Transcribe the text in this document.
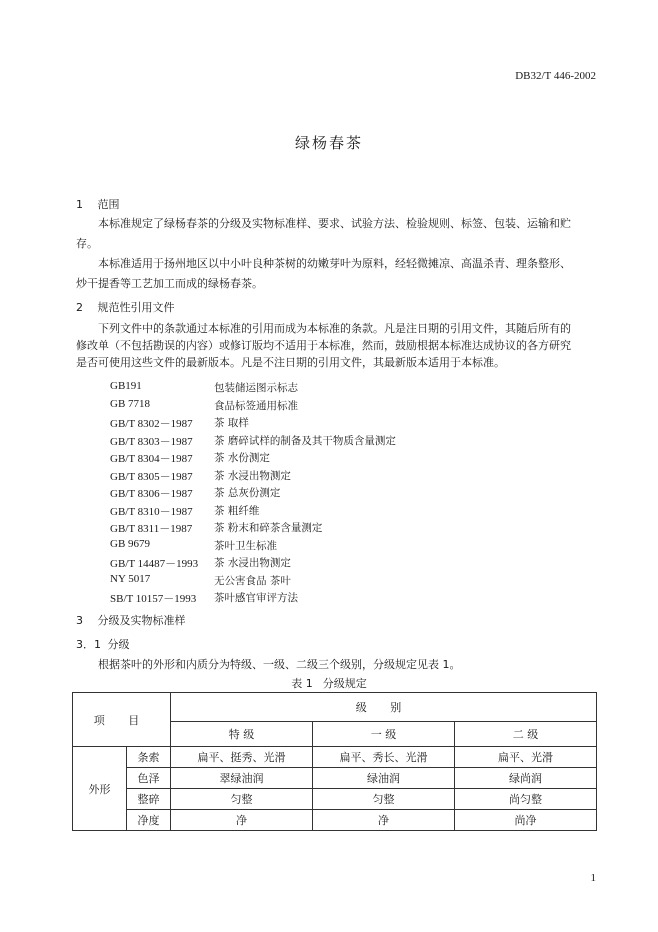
DB32/T 446-2002
绿杨春茶
1 范围
本标准规定了绿杨春茶的分级及实物标准样、要求、试验方法、检验规则、标签、包装、运输和贮
存。
本标准适用于扬州地区以中小叶良种茶树的幼嫩芽叶为原料，经轻微摊凉、高温杀青、理条整形、
炒干提香等工艺加工而成的绿杨春茶。
2 规范性引用文件
下列文件中的条款通过本标准的引用而成为本标准的条款。凡是注日期的引用文件，其随后所有的
修改单（不包括勘误的内容）或修订版均不适用于本标准，然而，鼓励根据本标准达成协议的各方研究
是否可使用这些文件的最新版本。凡是不注日期的引用文件，其最新版本适用于本标准。
GB191	包装储运图示标志
GB 7718	食品标签通用标准
GB/T 8302－1987 茶 取样
GB/T 8303－1987 茶 磨碎试样的制备及其干物质含量测定
GB/T 8304－1987 茶 水份测定
GB/T 8305－1987 茶 水浸出物测定
GB/T 8306－1987 茶 总灰份测定
GB/T 8310－1987 茶 粗纤维
GB/T 8311－1987 茶 粉末和碎茶含量测定
GB 9679	茶叶卫生标准
GB/T 14487－1993 茶 水浸出物测定
NY 5017	无公害食品 茶叶
SB/T 10157－1993 茶叶感官审评方法
3 分级及实物标准样
3．1 分级
根据茶叶的外形和内质分为特级、一级、二级三个级别，分级规定见表 1。
表 1 分级规定
项 目		级 别		
		特 级	一 级	二 级
外形	条索	扁平、挺秀、光滑	扁平、秀长、光滑	扁平、光滑
	色泽	翠绿油润	绿油润	绿尚润
	整碎	匀整	匀整	尚匀整
	净度	净	净	尚净
1
